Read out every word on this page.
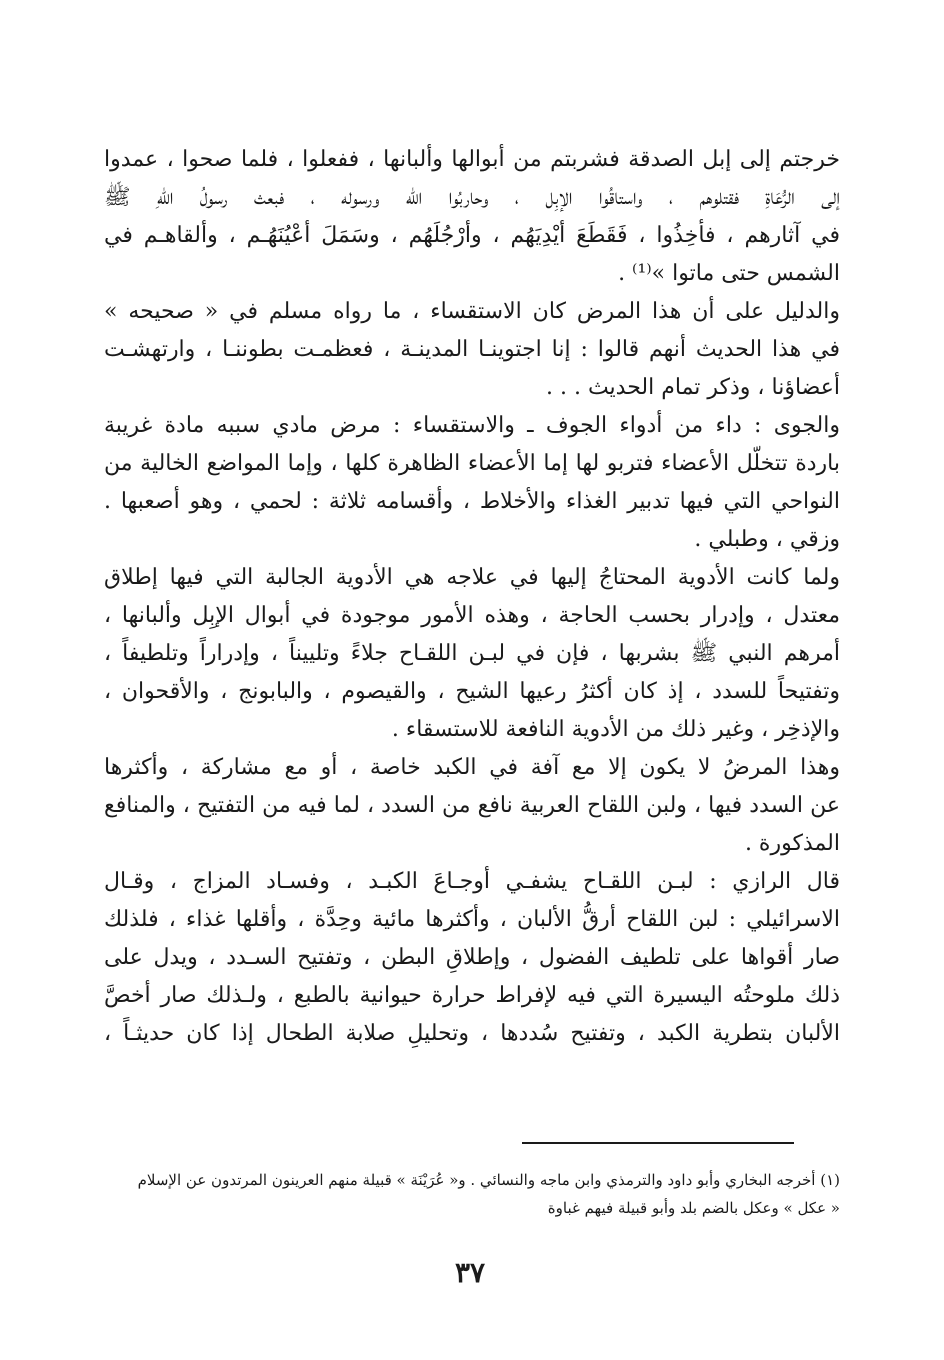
خرجتم إلى إبل الصدقة فشربتم من أبوالها وألبانها ، ففعلوا ، فلما صحوا ، عمدوا
إلى الرُّعَاةِ فقتلوهم ، واستاقُوا الإبِل ، وحاربُوا الله ورسوله ، فبعث رسولُ اللهِ ﷺ
في آثارهم ، فأخِذُوا ، فَقَطَعَ أيْدِيَهُم ، وأرْجُلَهُم ، وسَمَلَ أعْيُنَهُـم ، وألقاهـم في
الشمس حتى ماتوا »⁽¹⁾ .
والدليل على أن هذا المرض كان الاستقساء ، ما رواه مسلم في « صحيحه »
في هذا الحديث أنهم قالوا : إنا اجتوينـا المدينـة ، فعظمـت بطوننـا ، وارتهشـت
أعضاؤنا ، وذكر تمام الحديث . . .
والجوى : داء من أدواء الجوف ـ والاستقساء : مرض مادي سببه مادة غريبة
باردة تتخلّل الأعضاء فتربو لها إما الأعضاء الظاهرة كلها ، وإما المواضع الخالية من
النواحي التي فيها تدبير الغذاء والأخلاط ، وأقسامه ثلاثة : لحمي ، وهو أصعبها .
وزقي ، وطبلي .
ولما كانت الأدوية المحتاجُ إليها في علاجه هي الأدوية الجالبة التي فيها إطلاق
معتدل ، وإدرار بحسب الحاجة ، وهذه الأمور موجودة في أبوال الإبِل وألبانها ،
أمرهم النبي ﷺ بشربها ، فإن في لبـن اللقـاح جلاءً وتلييناً ، وإدراراً وتلطيفاً ،
وتفتيحاً للسدد ، إذ كان أكثرُ رعيها الشيح ، والقيصوم ، والبابونج ، والأقحوان ،
والإذخِر ، وغير ذلك من الأدوية النافعة للاستسقاء .
وهذا المرضُ لا يكون إلا مع آفة في الكبد خاصة ، أو مع مشاركة ، وأكثرها
عن السدد فيها ، ولبن اللقاح العربية نافع من السدد ، لما فيه من التفتيح ، والمنافع
المذكورة .
قال الرازي : لبـن اللقـاح يشفـي أوجـاعَ الكبـد ، وفسـاد المزاج ، وقـال
الاسرائيلي : لبن اللقاح أرقُّ الألبان ، وأكثرها مائية وحِدَّة ، وأقلها غذاء ، فلذلك
صار أقواها على تلطيف الفضول ، وإطلاقِ البطن ، وتفتيح السـدد ، ويدل على
ذلك ملوحتُه اليسيرة التي فيه لإفراط حرارة حيوانية بالطبع ، ولـذلك صار أخصَّ
الألبان بتطرية الكبد ، وتفتيح سُددها ، وتحليلِ صلابة الطحال إذا كان حديثـاً ،
(١) أخرجه البخاري وأبو داود والترمذي وابن ماجه والنسائي . و« عُرَيْنَة » قبيلة منهم العرينون المرتدون عن الإسلام
« عكل » وعكل بالضم بلد وأبو قبيلة فيهم غباوة
٣٧
